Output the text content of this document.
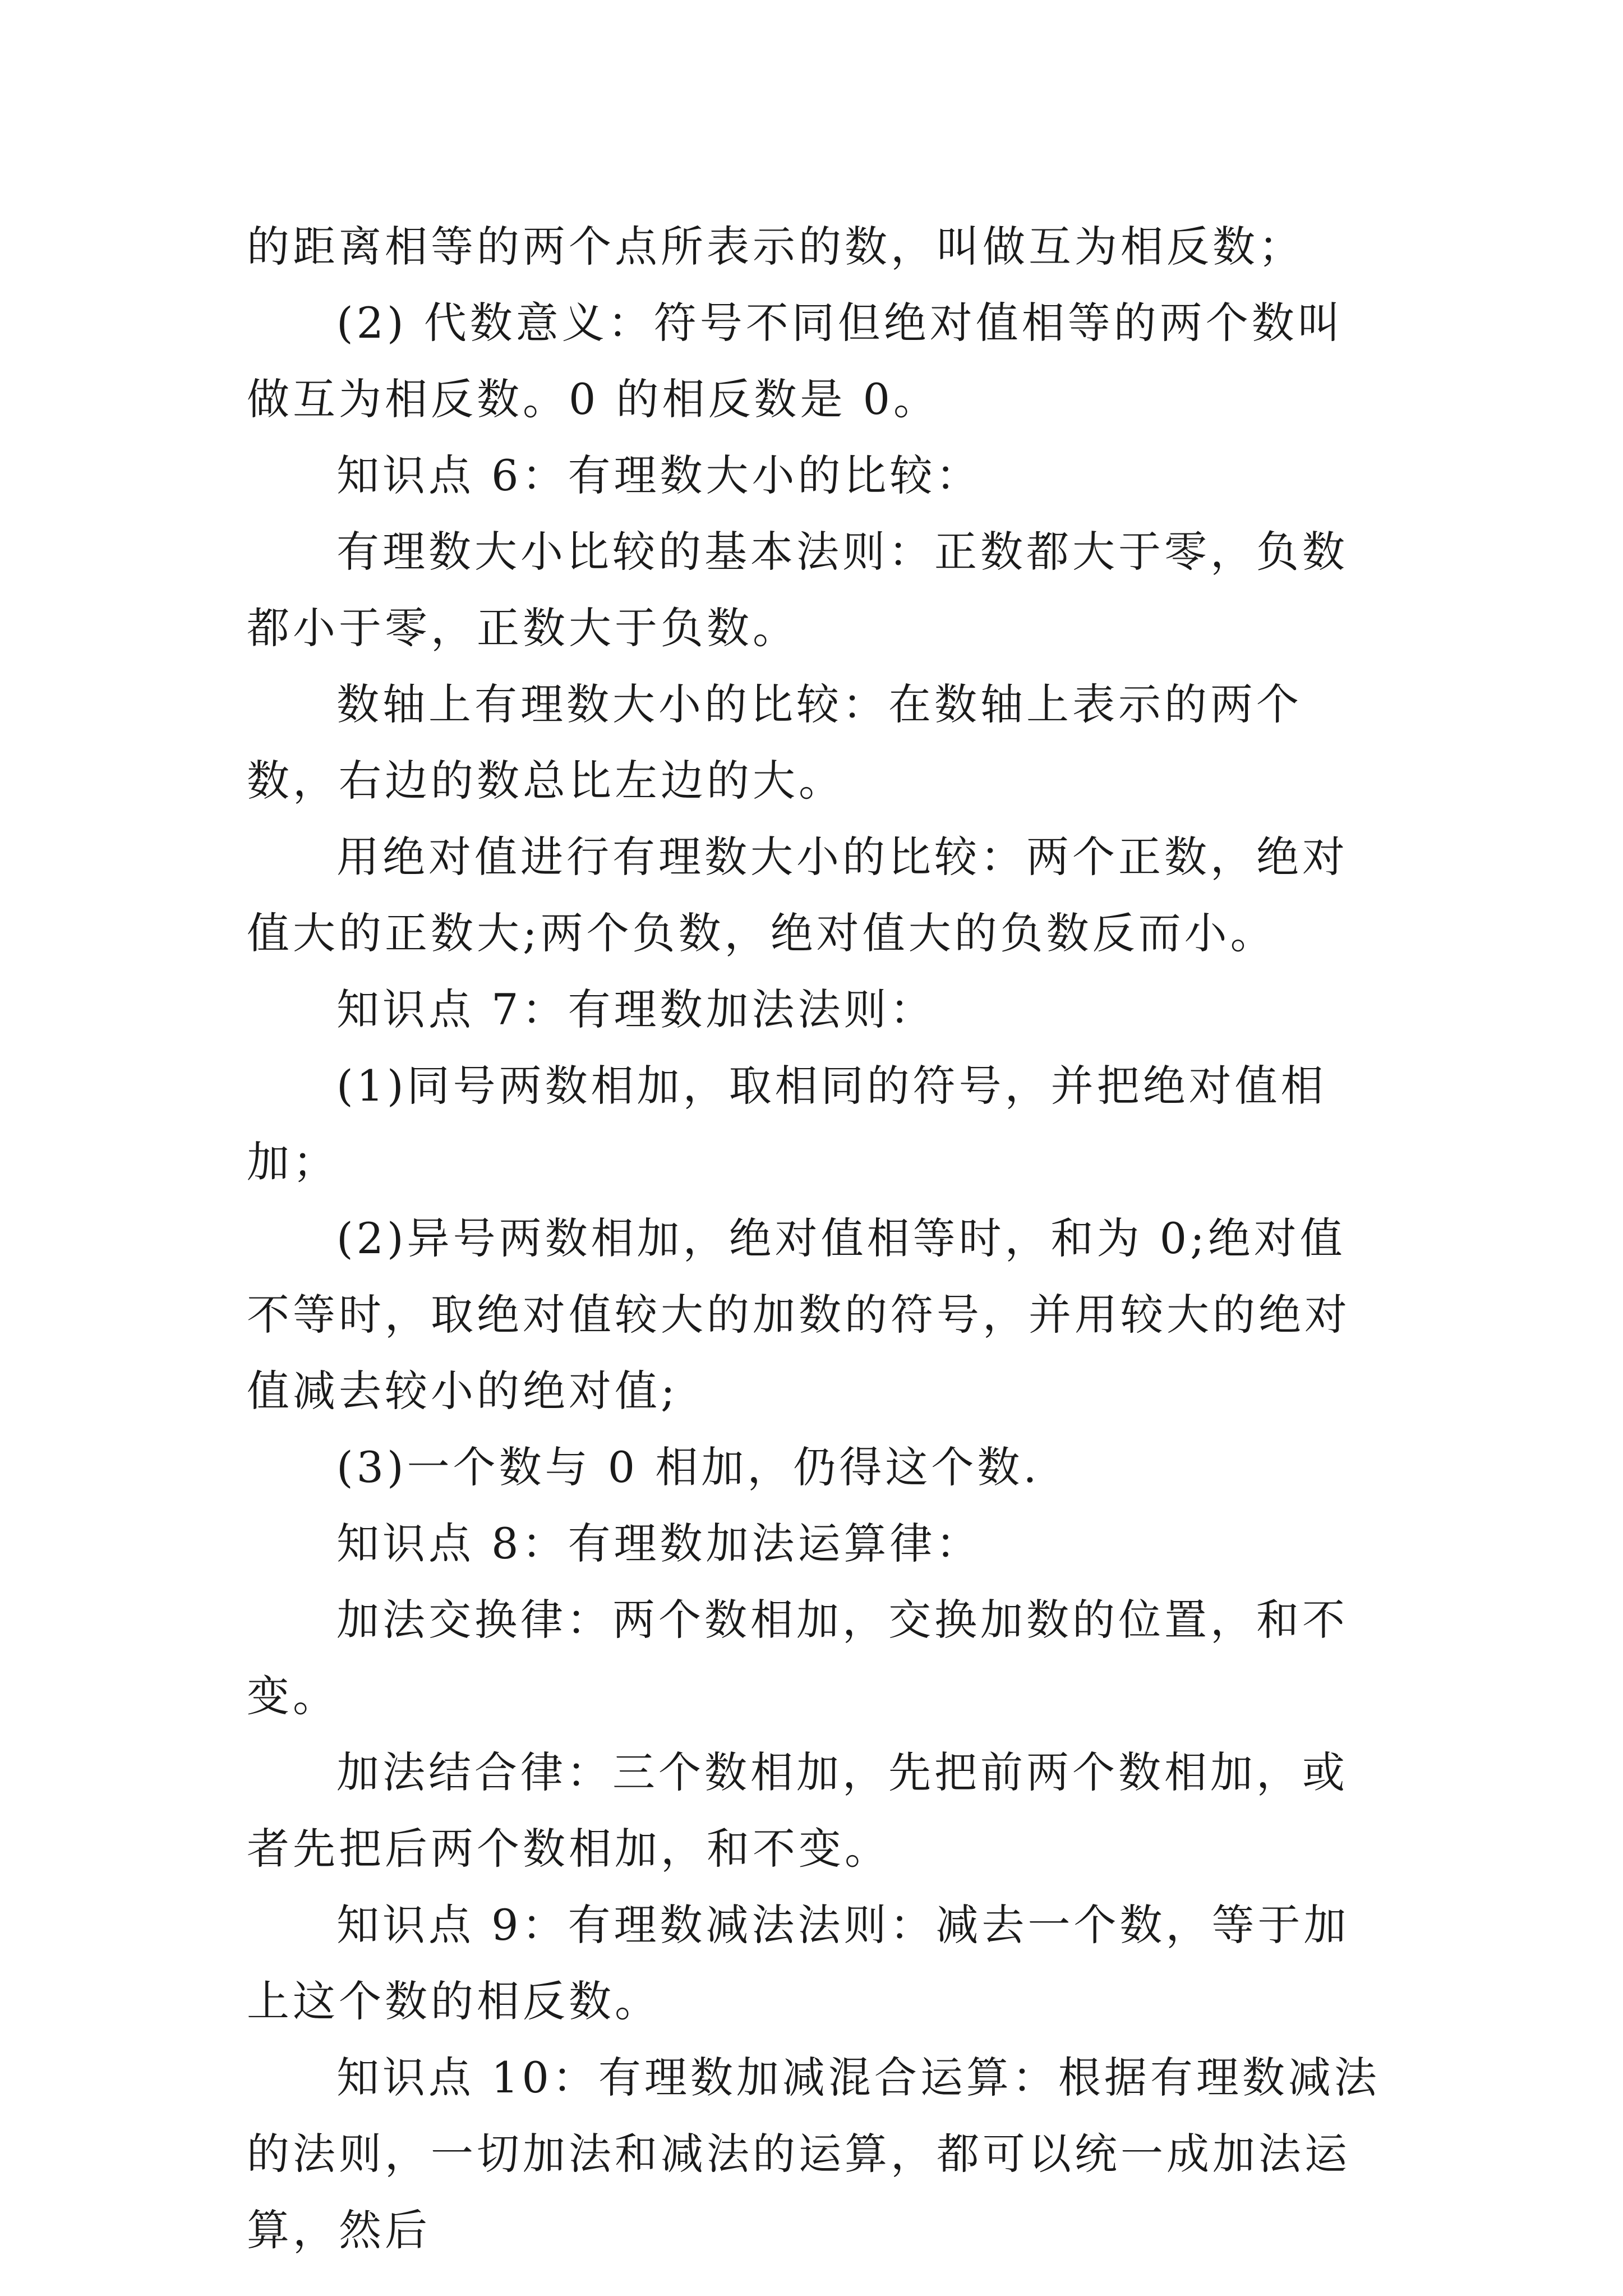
的距离相等的两个点所表示的数，叫做互为相反数；

(2) 代数意义：符号不同但绝对值相等的两个数叫做互为相反数。0 的相反数是 0。

知识点 6：有理数大小的比较：

有理数大小比较的基本法则：正数都大于零，负数都小于零，正数大于负数。

数轴上有理数大小的比较：在数轴上表示的两个数，右边的数总比左边的大。

用绝对值进行有理数大小的比较：两个正数，绝对值大的正数大;两个负数，绝对值大的负数反而小。

知识点 7：有理数加法法则：

(1)同号两数相加，取相同的符号，并把绝对值相加；

(2)异号两数相加，绝对值相等时，和为 0;绝对值不等时，取绝对值较大的加数的符号，并用较大的绝对值减去较小的绝对值;

(3)一个数与 0 相加，仍得这个数.

知识点 8：有理数加法运算律：

加法交换律：两个数相加，交换加数的位置，和不变。

加法结合律：三个数相加，先把前两个数相加，或者先把后两个数相加，和不变。

知识点 9：有理数减法法则：减去一个数，等于加上这个数的相反数。

知识点 10：有理数加减混合运算：根据有理数减法的法则，一切加法和减法的运算，都可以统一成加法运算，然后
